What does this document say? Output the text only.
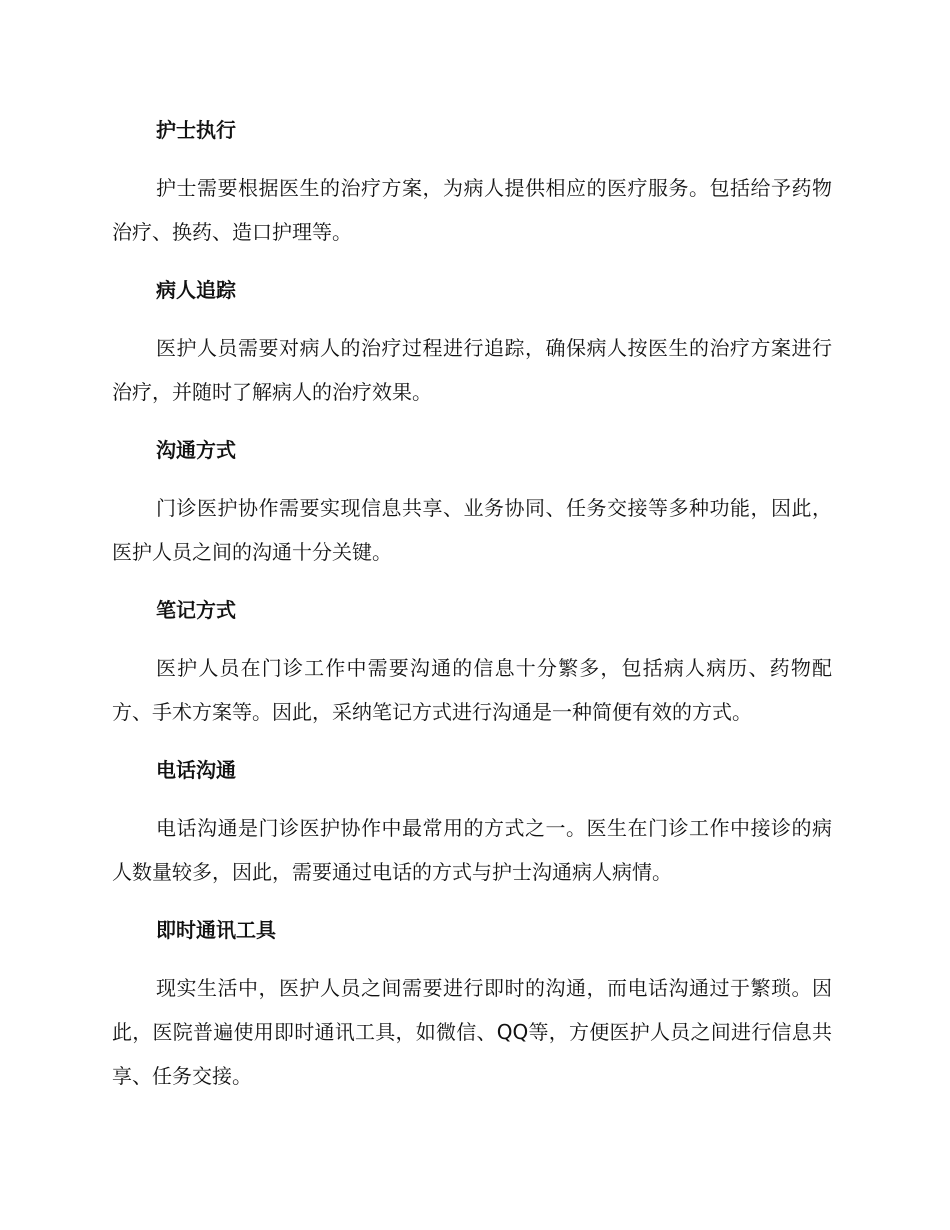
护士执行

护士需要根据医生的治疗方案，为病人提供相应的医疗服务。包括给予药物治疗、换药、造口护理等。

病人追踪

医护人员需要对病人的治疗过程进行追踪，确保病人按医生的治疗方案进行治疗，并随时了解病人的治疗效果。

沟通方式

门诊医护协作需要实现信息共享、业务协同、任务交接等多种功能，因此，医护人员之间的沟通十分关键。

笔记方式

医护人员在门诊工作中需要沟通的信息十分繁多，包括病人病历、药物配方、手术方案等。因此，采纳笔记方式进行沟通是一种简便有效的方式。

电话沟通

电话沟通是门诊医护协作中最常用的方式之一。医生在门诊工作中接诊的病人数量较多，因此，需要通过电话的方式与护士沟通病人病情。

即时通讯工具

现实生活中，医护人员之间需要进行即时的沟通，而电话沟通过于繁琐。因此，医院普遍使用即时通讯工具，如微信、QQ等，方便医护人员之间进行信息共享、任务交接。
